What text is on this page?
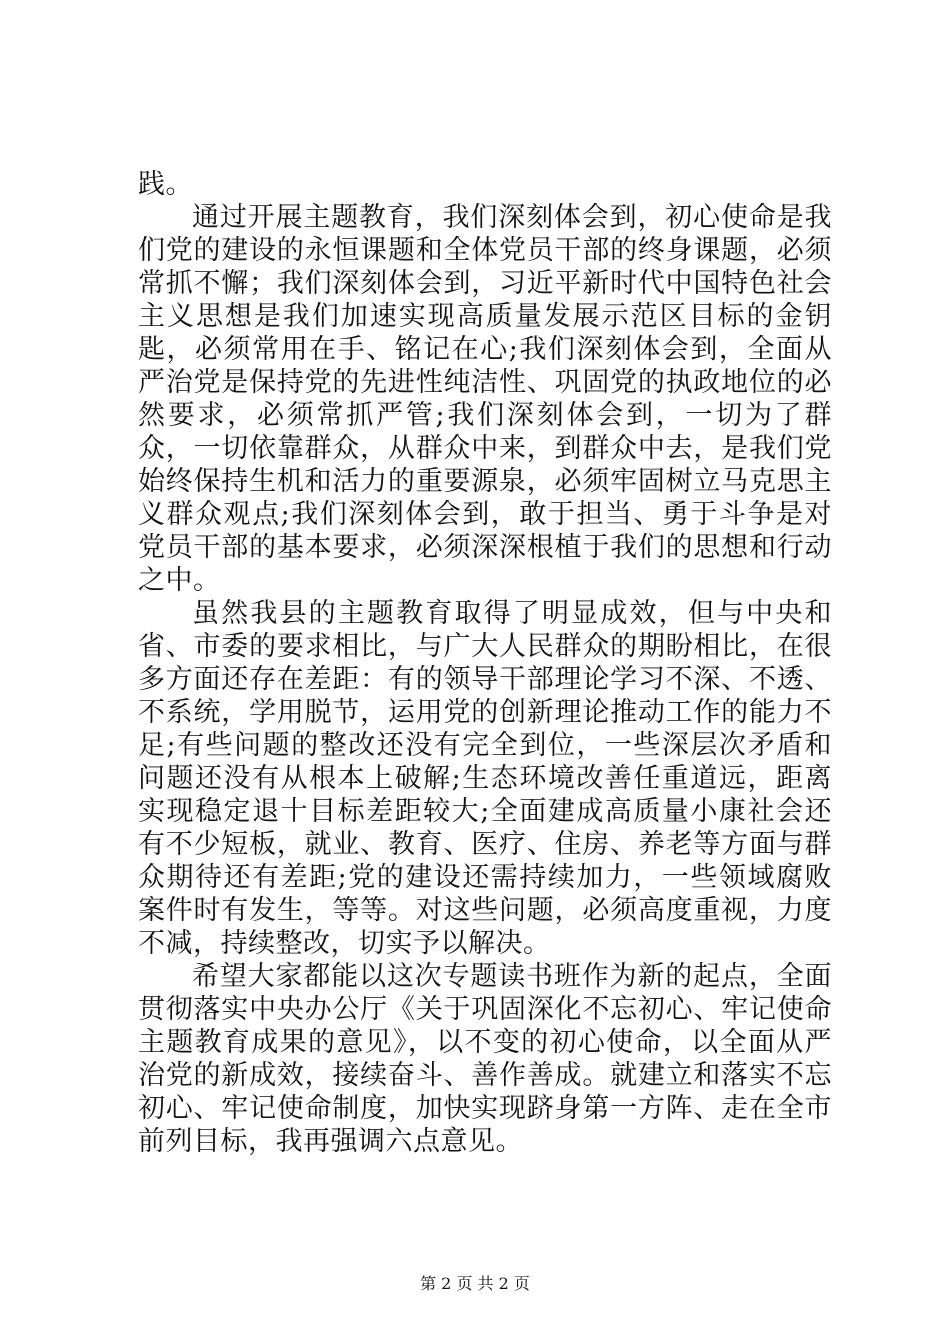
践。

通过开展主题教育，我们深刻体会到，初心使命是我们党的建设的永恒课题和全体党员干部的终身课题，必须常抓不懈；我们深刻体会到，习近平新时代中国特色社会主义思想是我们加速实现高质量发展示范区目标的金钥匙，必须常用在手、铭记在心;我们深刻体会到，全面从严治党是保持党的先进性纯洁性、巩固党的执政地位的必然要求，必须常抓严管;我们深刻体会到，一切为了群众，一切依靠群众，从群众中来，到群众中去，是我们党始终保持生机和活力的重要源泉，必须牢固树立马克思主义群众观点;我们深刻体会到，敢于担当、勇于斗争是对党员干部的基本要求，必须深深根植于我们的思想和行动之中。

虽然我县的主题教育取得了明显成效，但与中央和省、市委的要求相比，与广大人民群众的期盼相比，在很多方面还存在差距：有的领导干部理论学习不深、不透、不系统，学用脱节，运用党的创新理论推动工作的能力不足;有些问题的整改还没有完全到位，一些深层次矛盾和问题还没有从根本上破解;生态环境改善任重道远，距离实现稳定退十目标差距较大;全面建成高质量小康社会还有不少短板，就业、教育、医疗、住房、养老等方面与群众期待还有差距;党的建设还需持续加力，一些领域腐败案件时有发生，等等。对这些问题，必须高度重视，力度不减，持续整改，切实予以解决。

希望大家都能以这次专题读书班作为新的起点，全面贯彻落实中央办公厅《关于巩固深化不忘初心、牢记使命主题教育成果的意见》，以不变的初心使命，以全面从严治党的新成效，接续奋斗、善作善成。就建立和落实不忘初心、牢记使命制度，加快实现跻身第一方阵、走在全市前列目标，我再强调六点意见。

第 2 页 共 2 页
